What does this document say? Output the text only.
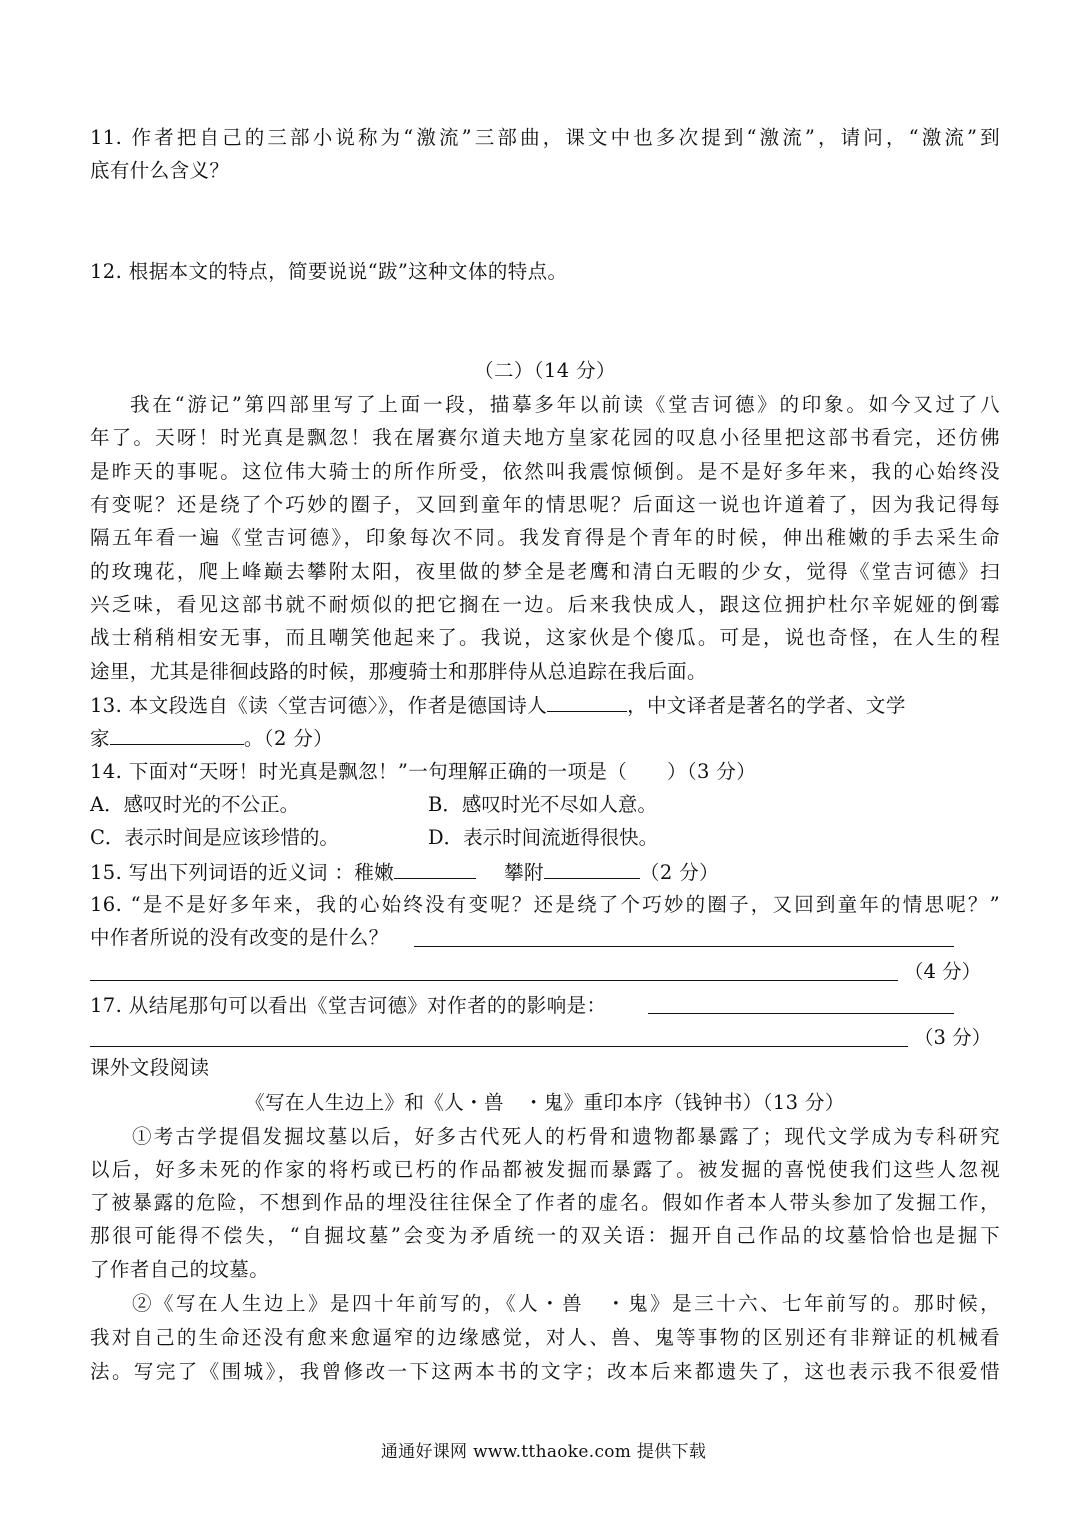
11. 作者把自己的三部小说称为“激流”三部曲，课文中也多次提到“激流”，请问，“激流”到
底有什么含义？
12. 根据本文的特点，简要说说“跋”这种文体的特点。
（二）（14 分）
我在“游记”第四部里写了上面一段，描摹多年以前读《堂吉诃德》的印象。如今又过了八
年了。天呀！时光真是飘忽！我在屠赛尔道夫地方皇家花园的叹息小径里把这部书看完，还仿佛
是昨天的事呢。这位伟大骑士的所作所受，依然叫我震惊倾倒。是不是好多年来，我的心始终没
有变呢？还是绕了个巧妙的圈子，又回到童年的情思呢？后面这一说也许道着了，因为我记得每
隔五年看一遍《堂吉诃德》，印象每次不同。我发育得是个青年的时候，伸出稚嫩的手去采生命
的玫瑰花，爬上峰巅去攀附太阳，夜里做的梦全是老鹰和清白无暇的少女，觉得《堂吉诃德》扫
兴乏味，看见这部书就不耐烦似的把它搁在一边。后来我快成人，跟这位拥护杜尔辛妮娅的倒霉
战士稍稍相安无事，而且嘲笑他起来了。我说，这家伙是个傻瓜。可是，说也奇怪，在人生的程
途里，尤其是徘徊歧路的时候，那瘦骑士和那胖侍从总追踪在我后面。
13. 本文段选自《读〈堂吉诃德〉》，作者是德国诗人	，中文译者是著名的学者、文学
家	。（2 分）
14. 下面对“天呀！时光真是飘忽！”一句理解正确的一项是（　　）（3 分）
A．感叹时光的不公正。	B．感叹时光不尽如人意。
C．表示时间是应该珍惜的。	D．表示时间流逝得很快。
15. 写出下列词语的近义词 ：稚嫩	攀附	（2 分）
16. “是不是好多年来，我的心始终没有变呢？还是绕了个巧妙的圈子，又回到童年的情思呢？”
中作者所说的没有改变的是什么？
（4 分）
17. 从结尾那句可以看出《堂吉诃德》对作者的的影响是：
（3 分）
课外文段阅读
《写在人生边上》和《人・兽　・鬼》重印本序（钱钟书）（13 分）
①考古学提倡发掘坟墓以后，好多古代死人的朽骨和遗物都暴露了；现代文学成为专科研究
以后，好多未死的作家的将朽或已朽的作品都被发掘而暴露了。被发掘的喜悦使我们这些人忽视
了被暴露的危险，不想到作品的埋没往往保全了作者的虚名。假如作者本人带头参加了发掘工作，
那很可能得不偿失，“自掘坟墓”会变为矛盾统一的双关语：掘开自己作品的坟墓恰恰也是掘下
了作者自己的坟墓。
②《写在人生边上》是四十年前写的，《人・兽　・鬼》是三十六、七年前写的。那时候，
我对自己的生命还没有愈来愈逼窄的边缘感觉，对人、兽、鬼等事物的区别还有非辩证的机械看
法。写完了《围城》，我曾修改一下这两本书的文字；改本后来都遗失了，这也表示我不很爱惜
通通好课网 www.tthaoke.com 提供下载
